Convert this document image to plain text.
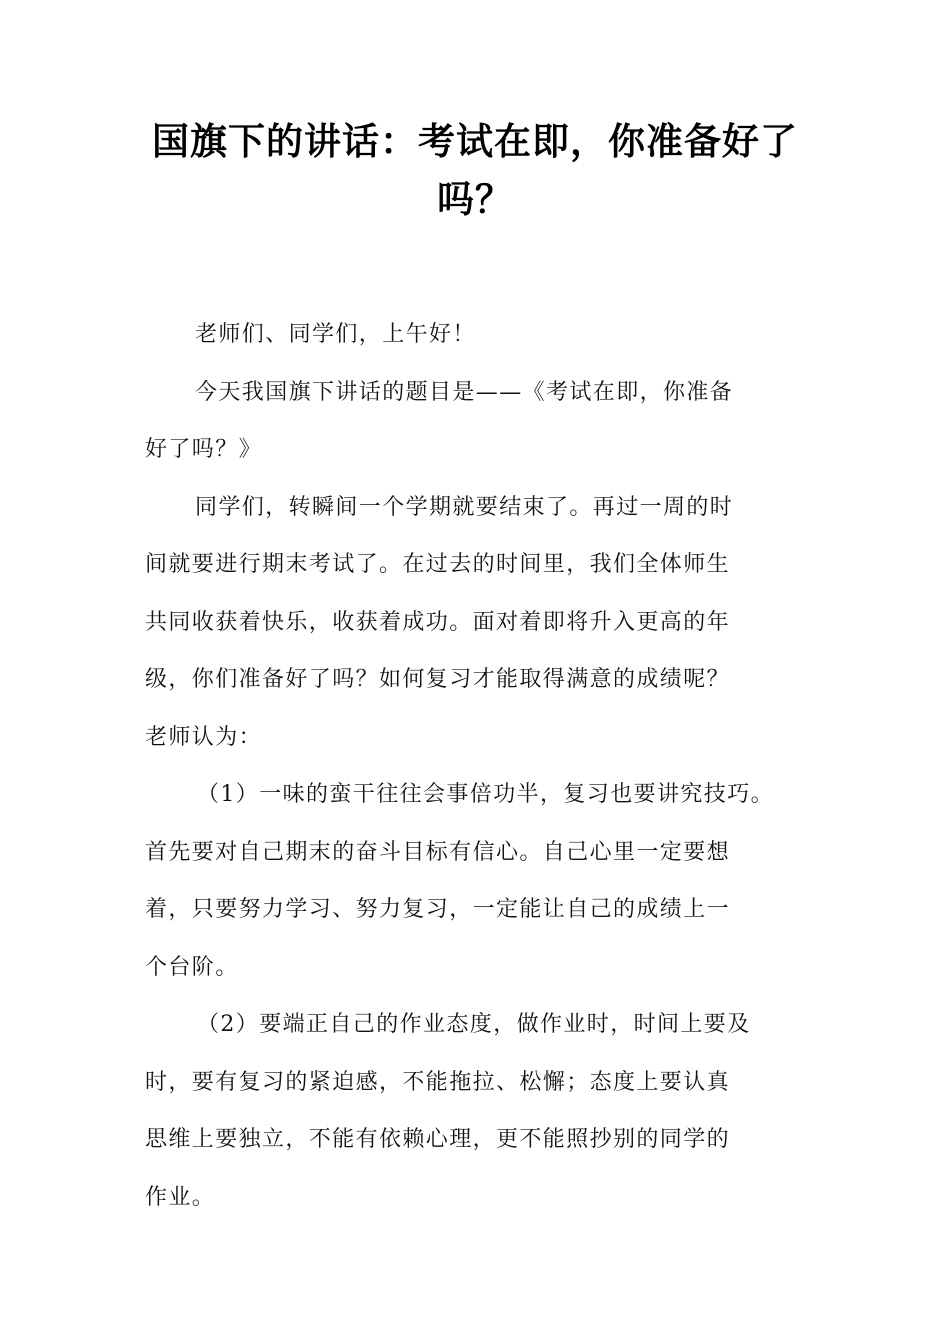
国旗下的讲话：考试在即，你准备好了
吗？
老师们、同学们，上午好！
今天我国旗下讲话的题目是——《考试在即，你准备
好了吗？》
同学们，转瞬间一个学期就要结束了。再过一周的时
间就要进行期末考试了。在过去的时间里，我们全体师生
共同收获着快乐，收获着成功。面对着即将升入更高的年
级，你们准备好了吗？如何复习才能取得满意的成绩呢？
老师认为：
（1）一味的蛮干往往会事倍功半，复习也要讲究技巧。
首先要对自己期末的奋斗目标有信心。自己心里一定要想
着，只要努力学习、努力复习，一定能让自己的成绩上一
个台阶。
（2）要端正自己的作业态度，做作业时，时间上要及
时，要有复习的紧迫感，不能拖拉、松懈；态度上要认真
思维上要独立，不能有依赖心理，更不能照抄别的同学的
作业。
